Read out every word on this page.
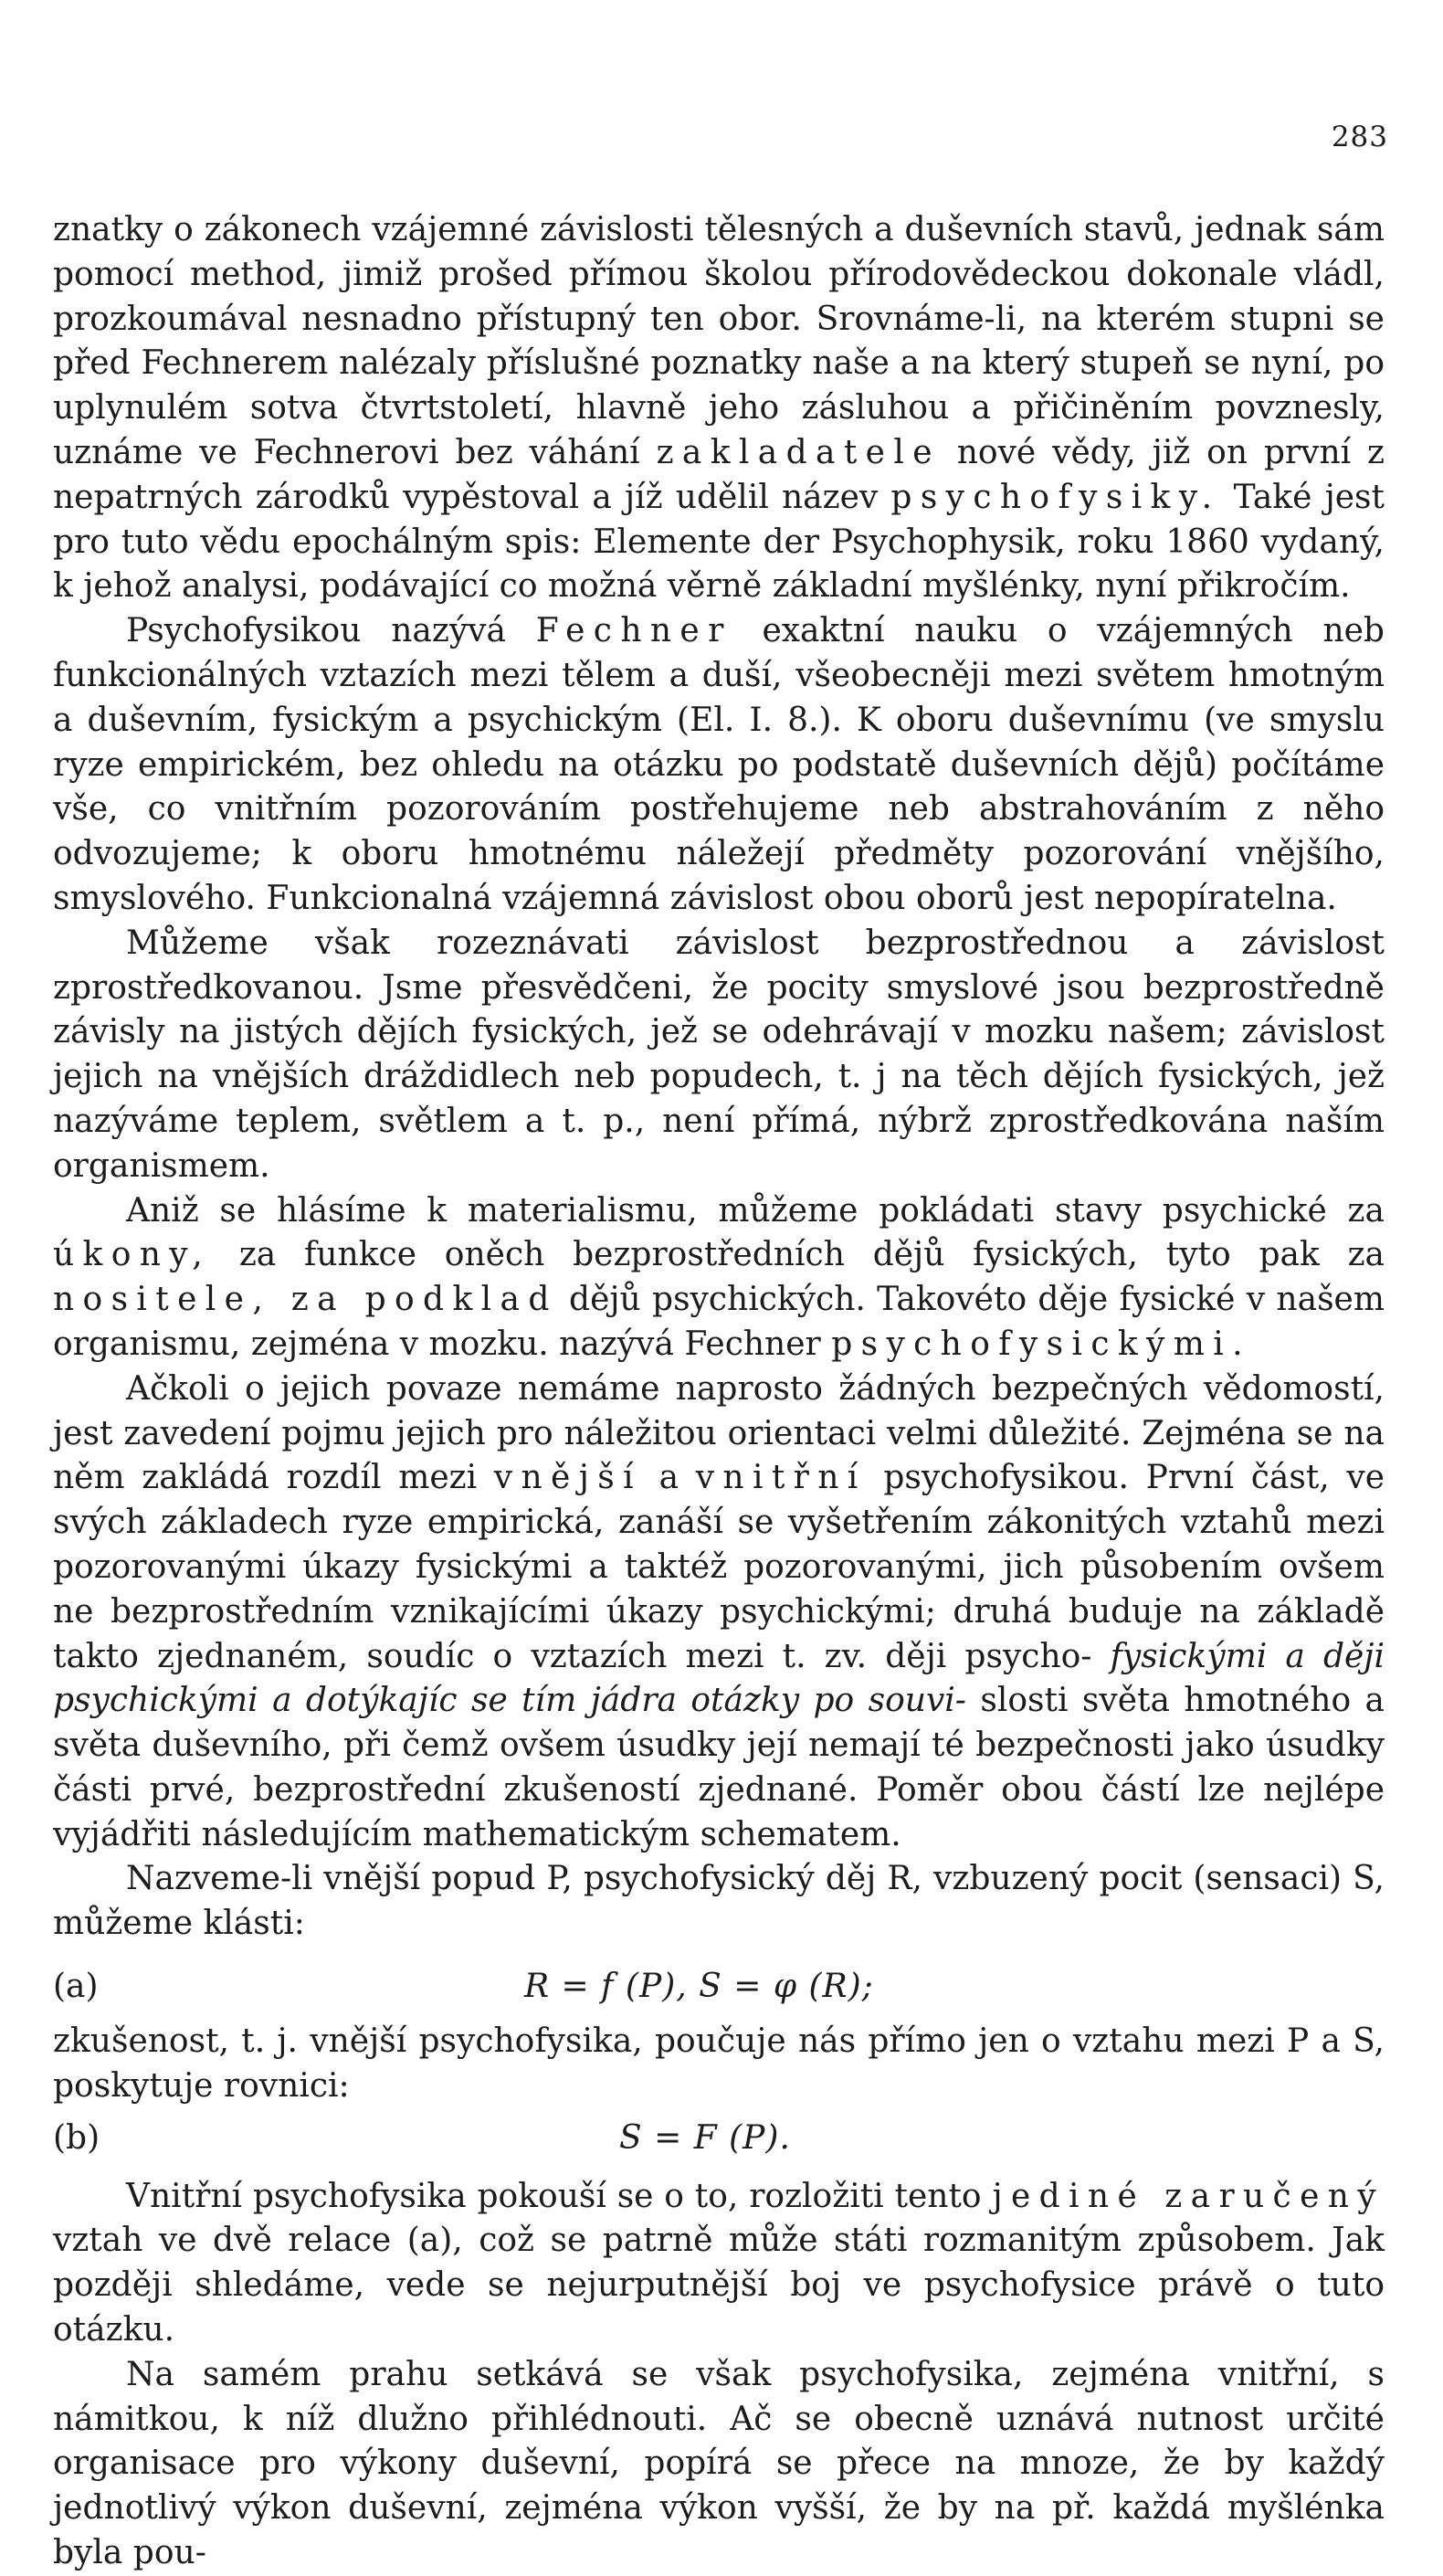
283

znatky o zákonech vzájemné závislosti tělesných a duševních stavů, jednak sám pomocí method, jimiž prošed přímou školou přírodovědeckou dokonale vládl, prozkoumával nesnadno přístupný ten obor. Srovnáme-li, na kterém stupni se před Fechnerem nalézaly příslušné poznatky naše a na který stupeň se nyní, po uplynulém sotva čtvrtstoletí, hlavně jeho zásluhou a přičiněním povznesly, uznáme ve Fechnerovi bez váhání zakladatele nové vědy, již on první z nepatrných zárodků vypěstoval a jíž udělil název psychofysiky. Také jest pro tuto vědu epochálným spis: Elemente der Psychophysik, roku 1860 vydaný, k jehož analysi, podávající co možná věrně základní myšlénky, nyní přikročím.

Psychofysikou nazývá Fechner exaktní nauku o vzájemných neb funkcionálných vztazích mezi tělem a duší, všeobecněji mezi světem hmotným a duševním, fysickým a psychickým (El. I. 8.). K oboru duševnímu (ve smyslu ryze empirickém, bez ohledu na otázku po podstatě duševních dějů) počítáme vše, co vnitřním pozorováním postřehujeme neb abstrahováním z něho odvozujeme; k oboru hmotnému náležejí předměty pozorování vnějšího, smyslového. Funkcionalná vzájemná závislost obou oborů jest nepopíratelna.

Můžeme však rozeznávati závislost bezprostřednou a závislost zprostředkovanou. Jsme přesvědčeni, že pocity smyslové jsou bezprostředně závisly na jistých dějích fysických, jež se odehrávají v mozku našem; závislost jejich na vnějších dráždidlech neb popudech, t. j na těch dějích fysických, jež nazýváme teplem, světlem a t. p., není přímá, nýbrž zprostředkována naším organismem.

Aniž se hlásíme k materialismu, můžeme pokládati stavy psychické za úkony, za funkce oněch bezprostředních dějů fysických, tyto pak za nositele, za podklad dějů psychických. Takovéto děje fysické v našem organismu, zejména v mozku. nazývá Fechner psychofysickými.

Ačkoli o jejich povaze nemáme naprosto žádných bezpečných vědomostí, jest zavedení pojmu jejich pro náležitou orientaci velmi důležité. Zejména se na něm zakládá rozdíl mezi vnější a vnitřní psychofysikou. První část, ve svých základech ryze empirická, zanáší se vyšetřením zákonitých vztahů mezi pozorovanými úkazy fysickými a taktéž pozorovanými, jich působením ovšem ne bezprostředním vznikajícími úkazy psychickými; druhá buduje na základě takto zjednaném, soudíc o vztazích mezi t. zv. ději psycho- fysickými a ději psychickými a dotýkajíc se tím jádra otázky po souvi- slosti světa hmotného a světa duševního, při čemž ovšem úsudky její nemají té bezpečnosti jako úsudky části prvé, bezprostřední zkušeností zjednané. Poměr obou částí lze nejlépe vyjádřiti následujícím mathematickým schematem.

Nazveme-li vnější popud P, psychofysický děj R, vzbuzený pocit (sensaci) S, můžeme klásti:

(a)	R = f (P), S = φ (R);

zkušenost, t. j. vnější psychofysika, poučuje nás přímo jen o vztahu mezi P a S, poskytuje rovnici:

(b)	S = F (P).

Vnitřní psychofysika pokouší se o to, rozložiti tento jediné zaručený vztah ve dvě relace (a), což se patrně může státi rozmanitým způsobem. Jak později shledáme, vede se nejurputnější boj ve psychofysice právě o tuto otázku.

Na samém prahu setkává se však psychofysika, zejména vnitřní, s námitkou, k níž dlužno přihlédnouti. Ač se obecně uznává nutnost určité organisace pro výkony duševní, popírá se přece na mnoze, že by každý jednotlivý výkon duševní, zejména výkon vyšší, že by na př. každá myšlénka byla pou-
